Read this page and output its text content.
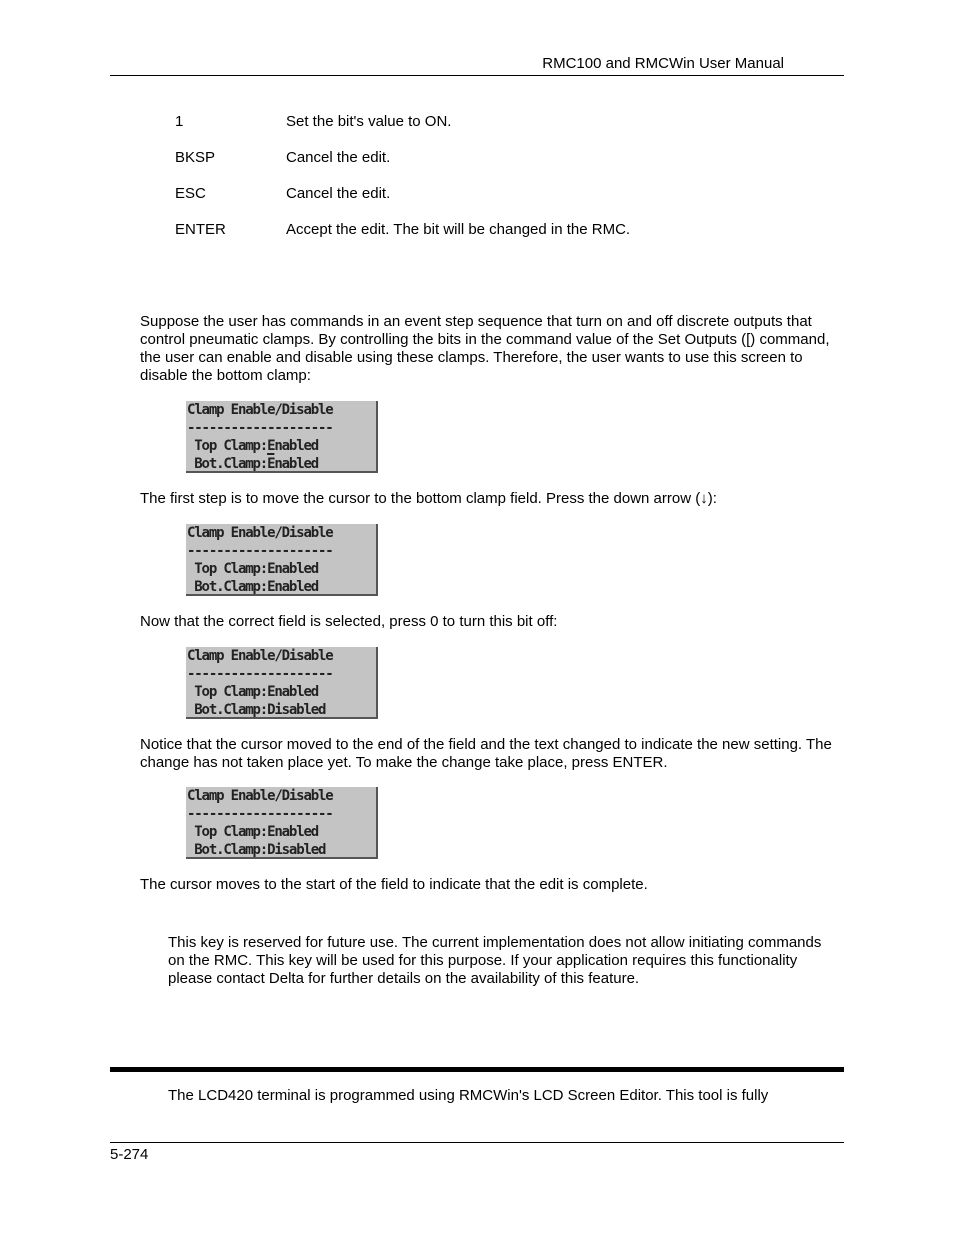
RMC100 and RMCWin User Manual
1	Set the bit's value to ON.
BKSP	Cancel the edit.
ESC	Cancel the edit.
ENTER	Accept the edit. The bit will be changed in the RMC.
Suppose the user has commands in an event step sequence that turn on and off discrete outputs that control pneumatic clamps. By controlling the bits in the command value of the Set Outputs ([) command, the user can enable and disable using these clamps. Therefore, the user wants to use this screen to disable the bottom clamp:
Clamp Enable/Disable
--------------------
Top Clamp:Enabled
Bot.Clamp:Enabled
The first step is to move the cursor to the bottom clamp field. Press the down arrow (↓):
Clamp Enable/Disable
--------------------
Top Clamp:Enabled
Bot.Clamp:Enabled
Now that the correct field is selected, press 0 to turn this bit off:
Clamp Enable/Disable
--------------------
Top Clamp:Enabled
Bot.Clamp:Disabled
Notice that the cursor moved to the end of the field and the text changed to indicate the new setting. The change has not taken place yet. To make the change take place, press ENTER.
Clamp Enable/Disable
--------------------
Top Clamp:Enabled
Bot.Clamp:Disabled
The cursor moves to the start of the field to indicate that the edit is complete.
This key is reserved for future use. The current implementation does not allow initiating commands on the RMC. This key will be used for this purpose. If your application requires this functionality please contact Delta for further details on the availability of this feature.
The LCD420 terminal is programmed using RMCWin's LCD Screen Editor. This tool is fully
5-274
